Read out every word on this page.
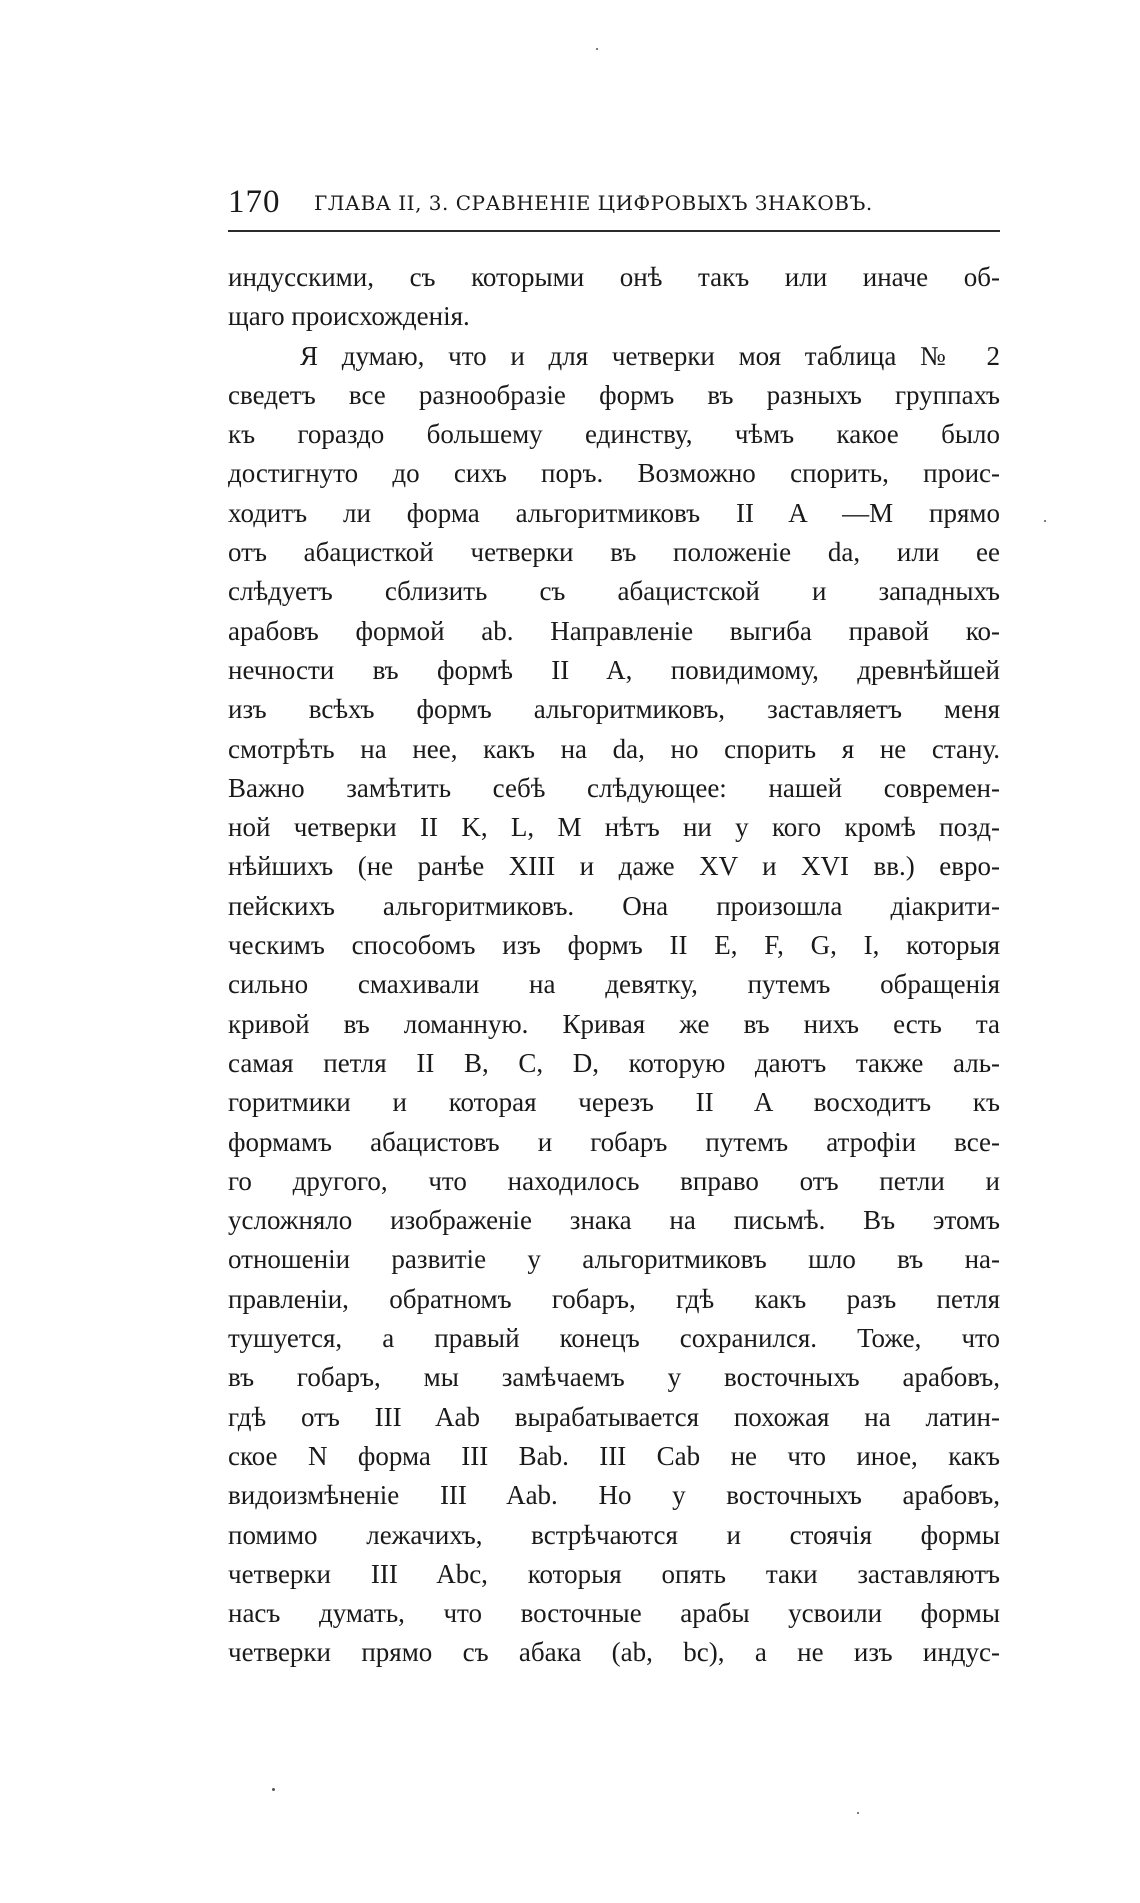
170 ГЛАВА II, 3. СРАВНЕНІЕ ЦИФРОВЫХЪ ЗНАКОВЪ.
индусскими, съ которыми онѣ такъ или иначе об-
щаго происхожденія.
Я думаю, что и для четверки моя таблица № 2
сведетъ все разнообразіе формъ въ разныхъ группахъ
къ гораздо большему единству, чѣмъ какое было
достигнуто до сихъ поръ. Возможно спорить, проис-
ходитъ ли форма альгоритмиковъ II A —M прямо
отъ абацисткой четверки въ положеніе da, или ее
слѣдуетъ сблизить съ абацистской и западныхъ
арабовъ формой ab. Направленіе выгиба правой ко-
нечности въ формѣ II A, повидимому, древнѣйшей
изъ всѣхъ формъ альгоритмиковъ, заставляетъ меня
смотрѣть на нее, какъ на da, но спорить я не стану.
Важно замѣтить себѣ слѣдующее: нашей современ-
ной четверки II K, L, M нѣтъ ни у кого кромѣ позд-
нѣйшихъ (не ранѣе XIII и даже XV и XVI вв.) евро-
пейскихъ альгоритмиковъ. Она произошла діакрити-
ческимъ способомъ изъ формъ II E, F, G, I, которыя
сильно смахивали на девятку, путемъ обращенія
кривой въ ломанную. Кривая же въ нихъ есть та
самая петля II B, C, D, которую даютъ также аль-
горитмики и которая черезъ II A восходитъ къ
формамъ абацистовъ и гобаръ путемъ атрофіи все-
го другого, что находилось вправо отъ петли и
усложняло изображеніе знака на письмѣ. Въ этомъ
отношеніи развитіе у альгоритмиковъ шло въ на-
правленіи, обратномъ гобаръ, гдѣ какъ разъ петля
тушуется, а правый конецъ сохранился. Тоже, что
въ гобаръ, мы замѣчаемъ у восточныхъ арабовъ,
гдѣ отъ III Aab вырабатывается похожая на латин-
ское N форма III Bab. III Cab не что иное, какъ
видоизмѣненіе III Aab. Но у восточныхъ арабовъ,
помимо лежачихъ, встрѣчаются и стоячія формы
четверки III Abc, которыя опять таки заставляютъ
насъ думать, что восточные арабы усвоили формы
четверки прямо съ абака (ab, bc), а не изъ индус-
